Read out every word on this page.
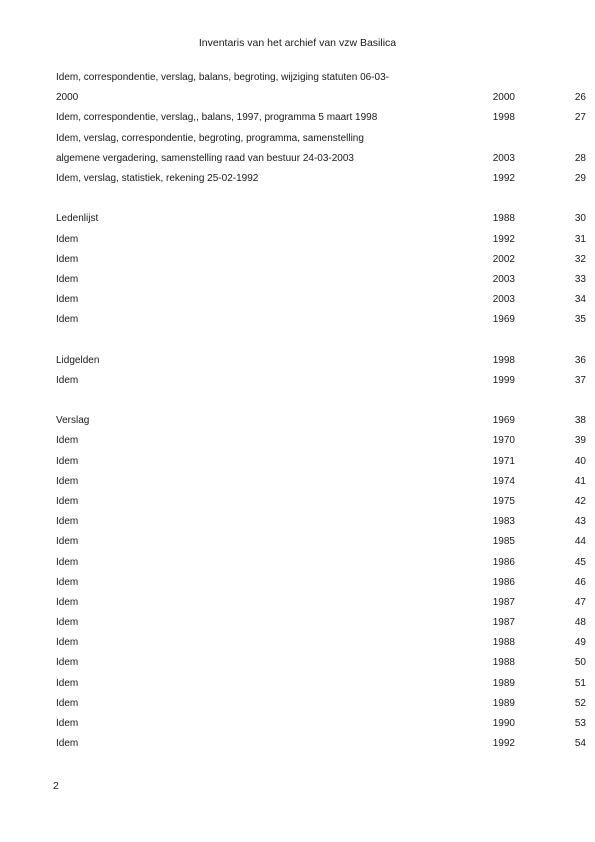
Inventaris van het archief van vzw Basilica
Idem, correspondentie, verslag, balans, begroting, wijziging statuten 06-03-
2000	2000	26
Idem, correspondentie, verslag,, balans, 1997, programma 5 maart 1998	1998	27
Idem, verslag, correspondentie, begroting, programma, samenstelling
algemene vergadering, samenstelling raad van bestuur 24-03-2003	2003	28
Idem, verslag, statistiek, rekening 25-02-1992	1992	29
Ledenlijst	1988	30
Idem	1992	31
Idem	2002	32
Idem	2003	33
Idem	2003	34
Idem	1969	35
Lidgelden	1998	36
Idem	1999	37
Verslag	1969	38
Idem	1970	39
Idem	1971	40
Idem	1974	41
Idem	1975	42
Idem	1983	43
Idem	1985	44
Idem	1986	45
Idem	1986	46
Idem	1987	47
Idem	1987	48
Idem	1988	49
Idem	1988	50
Idem	1989	51
Idem	1989	52
Idem	1990	53
Idem	1992	54
2
